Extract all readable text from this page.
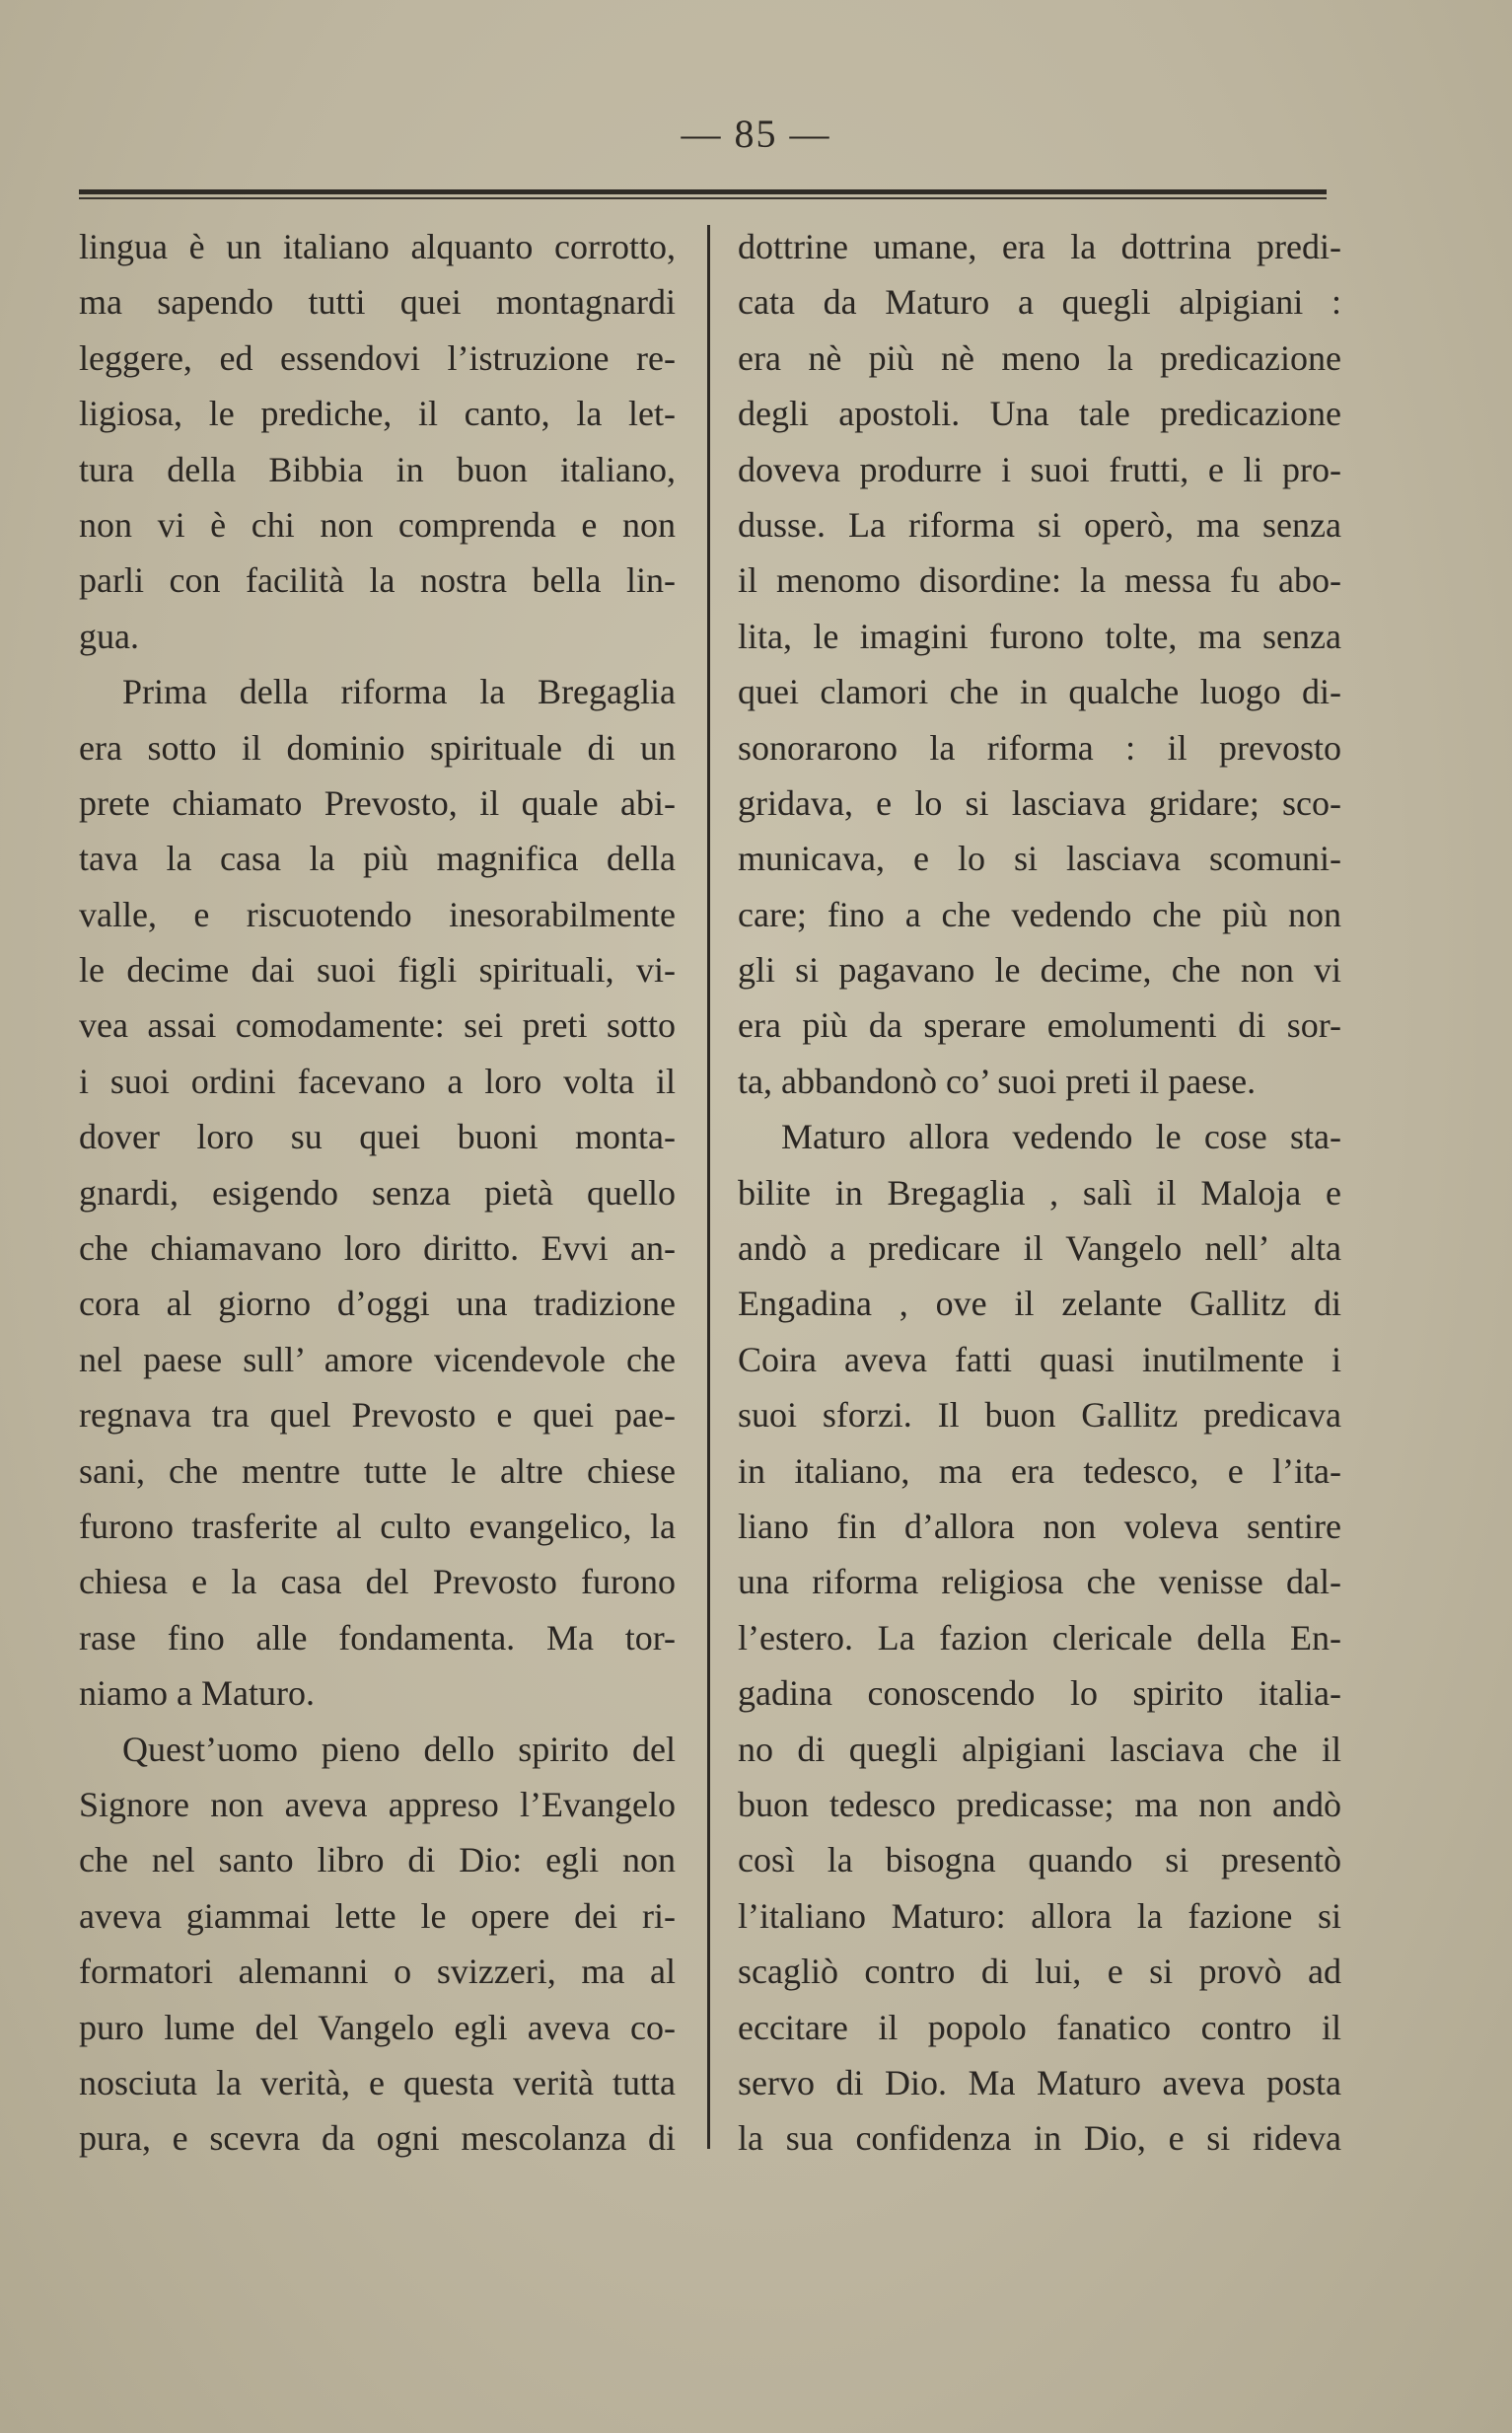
— 85 —
lingua è un italiano alquanto corrotto,
ma sapendo tutti quei montagnardi
leggere, ed essendovi l’istruzione re-
ligiosa, le prediche, il canto, la let-
tura della Bibbia in buon italiano,
non vi è chi non comprenda e non
parli con facilità la nostra bella lin-
gua.
Prima della riforma la Bregaglia
era sotto il dominio spirituale di un
prete chiamato Prevosto, il quale abi-
tava la casa la più magnifica della
valle, e riscuotendo inesorabilmente
le decime dai suoi figli spirituali, vi-
vea assai comodamente: sei preti sotto
i suoi ordini facevano a loro volta il
dover loro su quei buoni monta-
gnardi, esigendo senza pietà quello
che chiamavano loro diritto. Evvi an-
cora al giorno d’oggi una tradizione
nel paese sull’ amore vicendevole che
regnava tra quel Prevosto e quei pae-
sani, che mentre tutte le altre chiese
furono trasferite al culto evangelico, la
chiesa e la casa del Prevosto furono
rase fino alle fondamenta. Ma tor-
niamo a Maturo.
Quest’uomo pieno dello spirito del
Signore non aveva appreso l’Evangelo
che nel santo libro di Dio: egli non
aveva giammai lette le opere dei ri-
formatori alemanni o svizzeri, ma al
puro lume del Vangelo egli aveva co-
nosciuta la verità, e questa verità tutta
pura, e scevra da ogni mescolanza di
dottrine umane, era la dottrina predi-
cata da Maturo a quegli alpigiani :
era nè più nè meno la predicazione
degli apostoli. Una tale predicazione
doveva produrre i suoi frutti, e li pro-
dusse. La riforma si operò, ma senza
il menomo disordine: la messa fu abo-
lita, le imagini furono tolte, ma senza
quei clamori che in qualche luogo di-
sonorarono la riforma : il prevosto
gridava, e lo si lasciava gridare; sco-
municava, e lo si lasciava scomuni-
care; fino a che vedendo che più non
gli si pagavano le decime, che non vi
era più da sperare emolumenti di sor-
ta, abbandonò co’ suoi preti il paese.
Maturo allora vedendo le cose sta-
bilite in Bregaglia , salì il Maloja e
andò a predicare il Vangelo nell’ alta
Engadina , ove il zelante Gallitz di
Coira aveva fatti quasi inutilmente i
suoi sforzi. Il buon Gallitz predicava
in italiano, ma era tedesco, e l’ita-
liano fin d’allora non voleva sentire
una riforma religiosa che venisse dal-
l’estero. La fazion clericale della En-
gadina conoscendo lo spirito italia-
no di quegli alpigiani lasciava che il
buon tedesco predicasse; ma non andò
così la bisogna quando si presentò
l’italiano Maturo: allora la fazione si
scagliò contro di lui, e si provò ad
eccitare il popolo fanatico contro il
servo di Dio. Ma Maturo aveva posta
la sua confidenza in Dio, e si rideva
